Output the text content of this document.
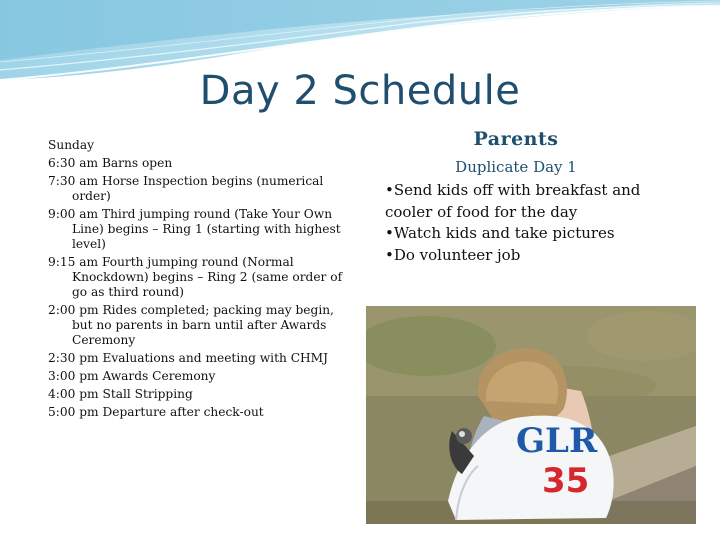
Day 2 Schedule

Sunday

6:30 am Barns open

7:30 am Horse Inspection begins (numerical order)

9:00 am Third jumping round (Take Your Own Line) begins – Ring 1 (starting with highest level)

9:15 am Fourth jumping round (Normal Knockdown) begins – Ring 2 (same order of go as third round)

2:00 pm Rides completed; packing may begin, but no parents in barn until after Awards Ceremony

2:30 pm Evaluations and meeting with CHMJ

3:00 pm Awards Ceremony

4:00 pm Stall Stripping

5:00 pm Departure after check-out

Parents

Duplicate Day 1

•Send kids off with breakfast and cooler of food for the day

•Watch kids and take pictures

•Do volunteer job

GLR
35
